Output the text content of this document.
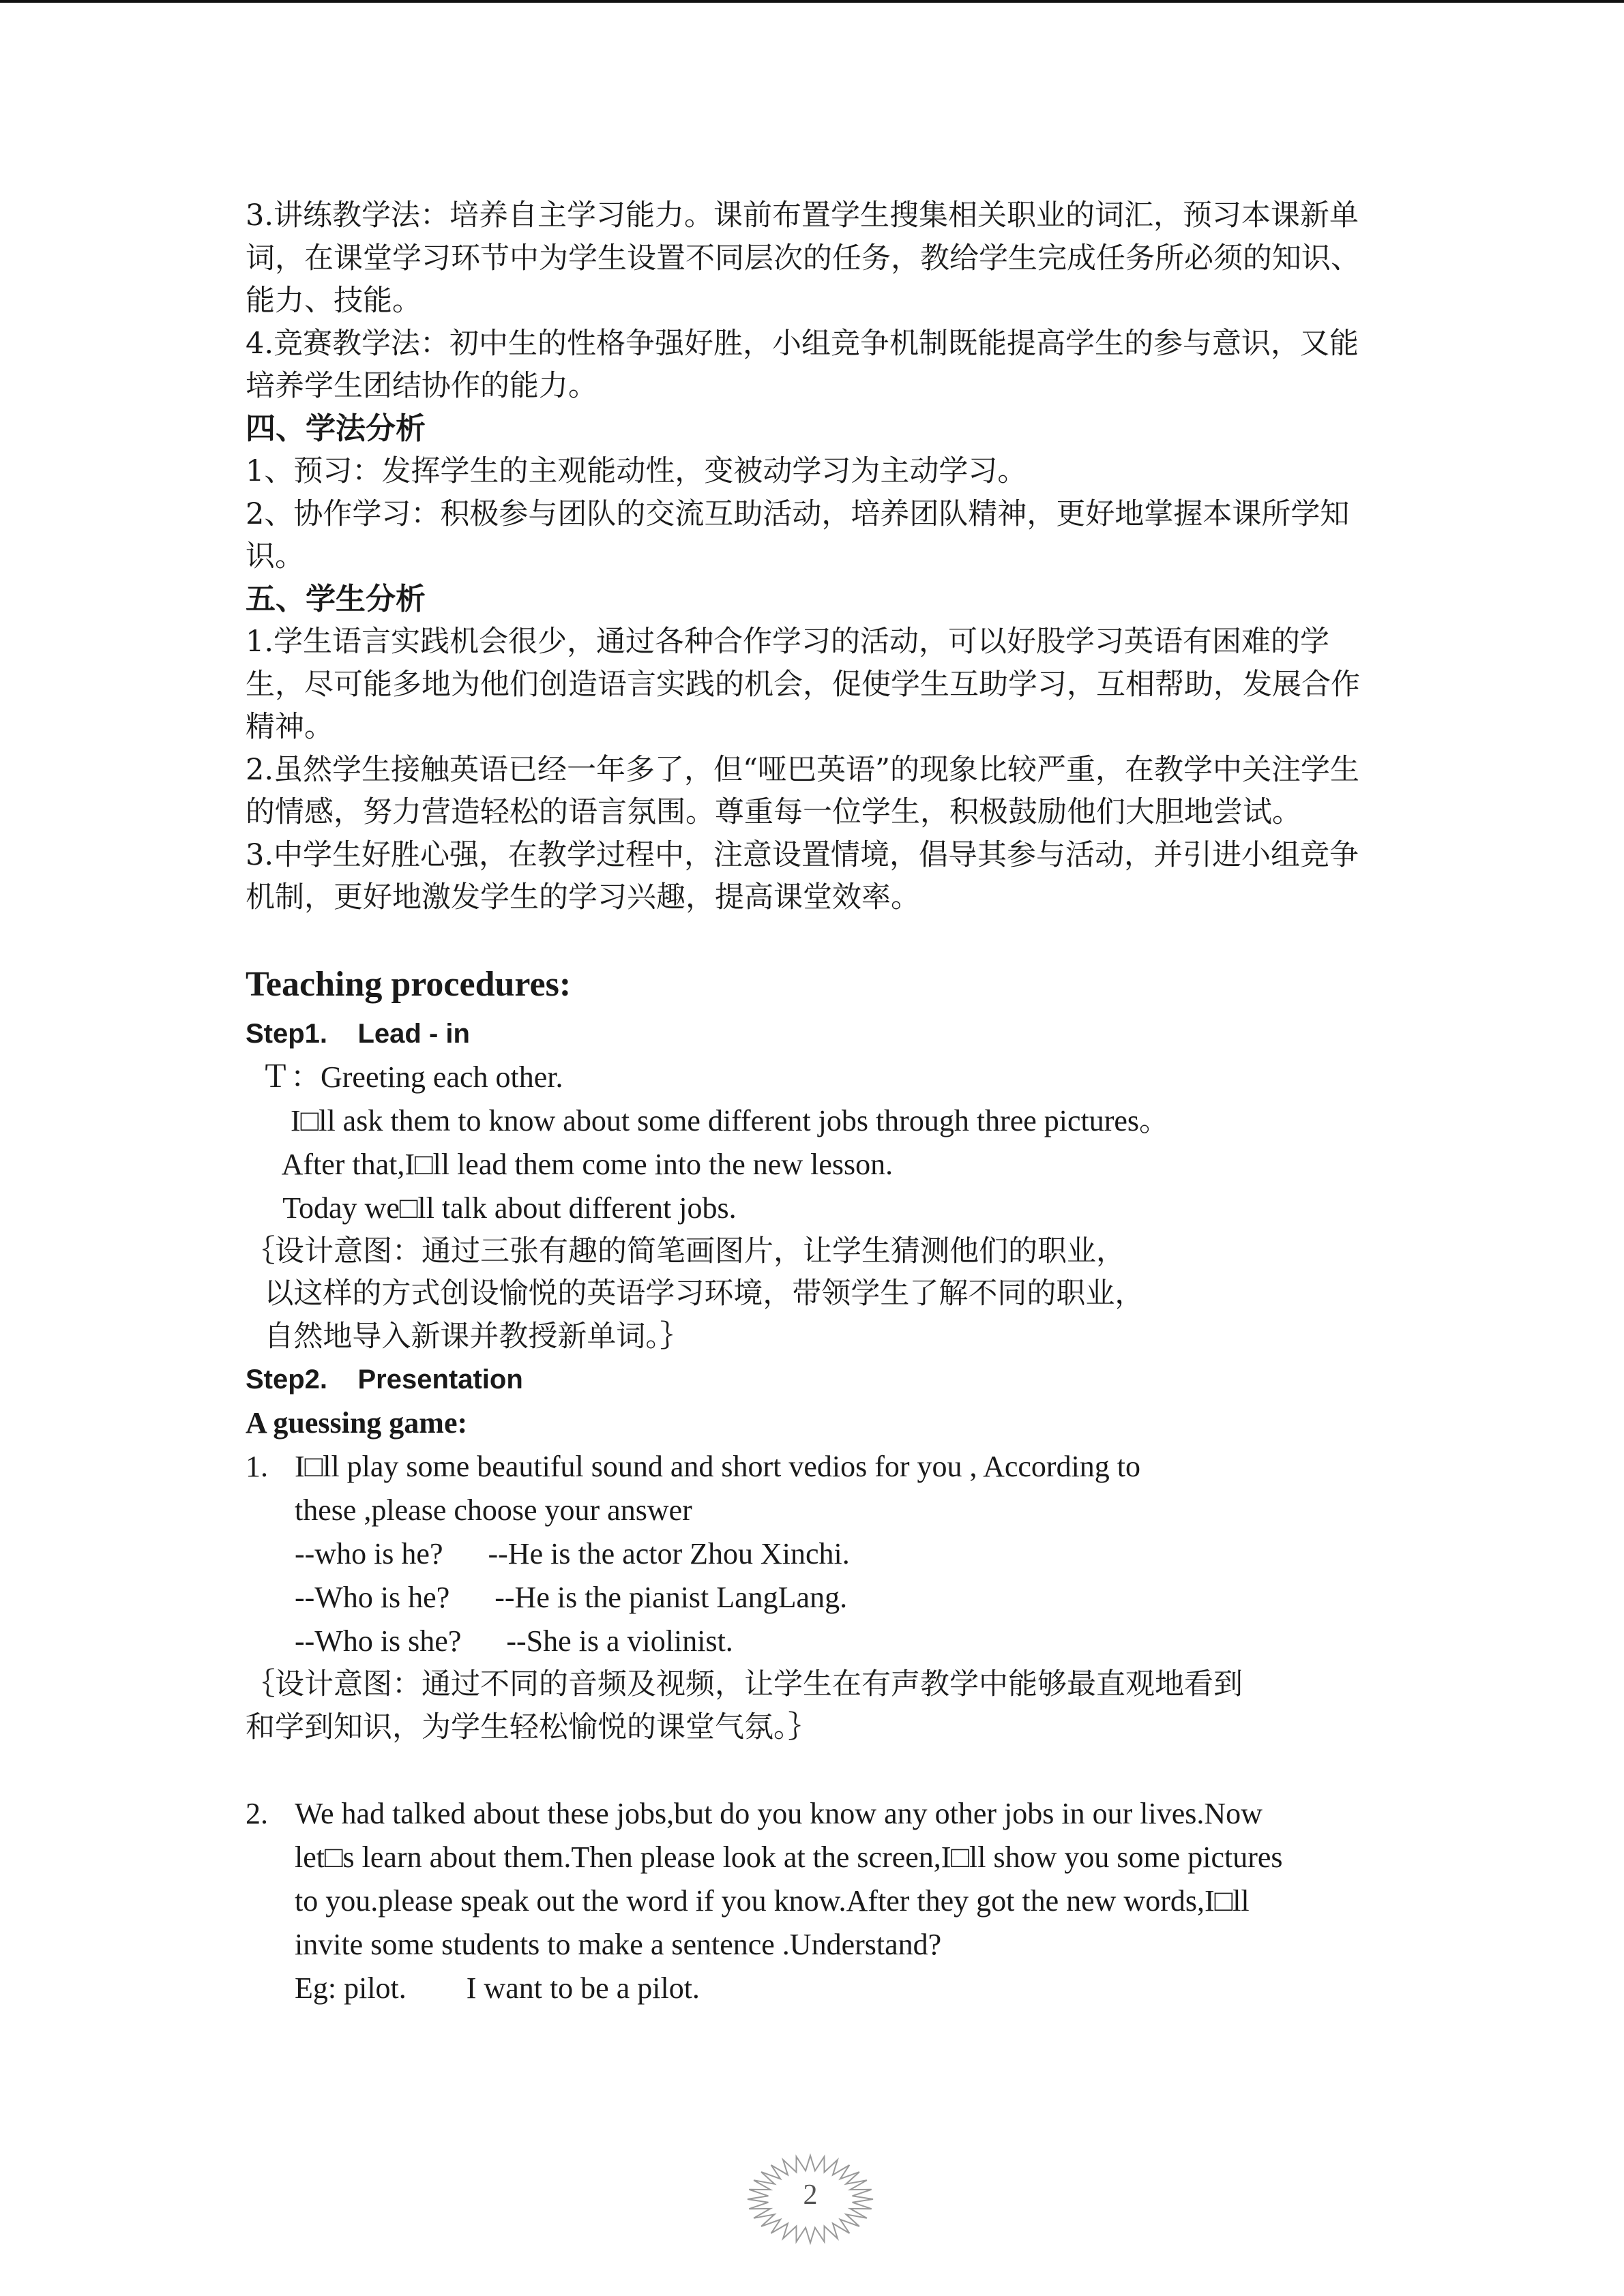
3.讲练教学法：培养自主学习能力。课前布置学生搜集相关职业的词汇，预习本课新单词，在课堂学习环节中为学生设置不同层次的任务，教给学生完成任务所必须的知识、能力、技能。

4.竞赛教学法：初中生的性格争强好胜，小组竞争机制既能提高学生的参与意识，又能培养学生团结协作的能力。

四、学法分析

1、预习：发挥学生的主观能动性，变被动学习为主动学习。

2、协作学习：积极参与团队的交流互助活动，培养团队精神，更好地掌握本课所学知识。

五、学生分析

1.学生语言实践机会很少，通过各种合作学习的活动，可以好股学习英语有困难的学生，尽可能多地为他们创造语言实践的机会，促使学生互助学习，互相帮助，发展合作精神。

2.虽然学生接触英语已经一年多了，但“哑巴英语”的现象比较严重，在教学中关注学生的情感，努力营造轻松的语言氛围。尊重每一位学生，积极鼓励他们大胆地尝试。

3.中学生好胜心强，在教学过程中，注意设置情境，倡导其参与活动，并引进小组竞争机制，更好地激发学生的学习兴趣，提高课堂效率。

Teaching procedures:

Step1.    Lead - in

Ｔ：Greeting each other.

I□ll ask them to know about some different jobs through three pictures。

After that,I□ll lead them come into the new lesson.

Today we□ll talk about different jobs.

｛设计意图：通过三张有趣的简笔画图片，让学生猜测他们的职业，

以这样的方式创设愉悦的英语学习环境，带领学生了解不同的职业，

自然地导入新课并教授新单词。｝

Step2.    Presentation

A guessing game:

1. I□ll play some beautiful sound and short vedios for you , According to

these ,please choose your answer

--who is he?      --He is the actor Zhou Xinchi.

--Who is he?      --He is the pianist LangLang.

--Who is she?      --She is a violinist.

｛设计意图：通过不同的音频及视频，让学生在有声教学中能够最直观地看到

和学到知识，为学生轻松愉悦的课堂气氛。｝

2. We had talked about these jobs,but do you know any other jobs in our lives.Now

let□s learn about them.Then please look at the screen,I□ll show you some pictures

to you.please speak out the word if you know.After they got the new words,I□ll

invite some students to make a sentence .Understand?

Eg: pilot.        I want to be a pilot.

2
